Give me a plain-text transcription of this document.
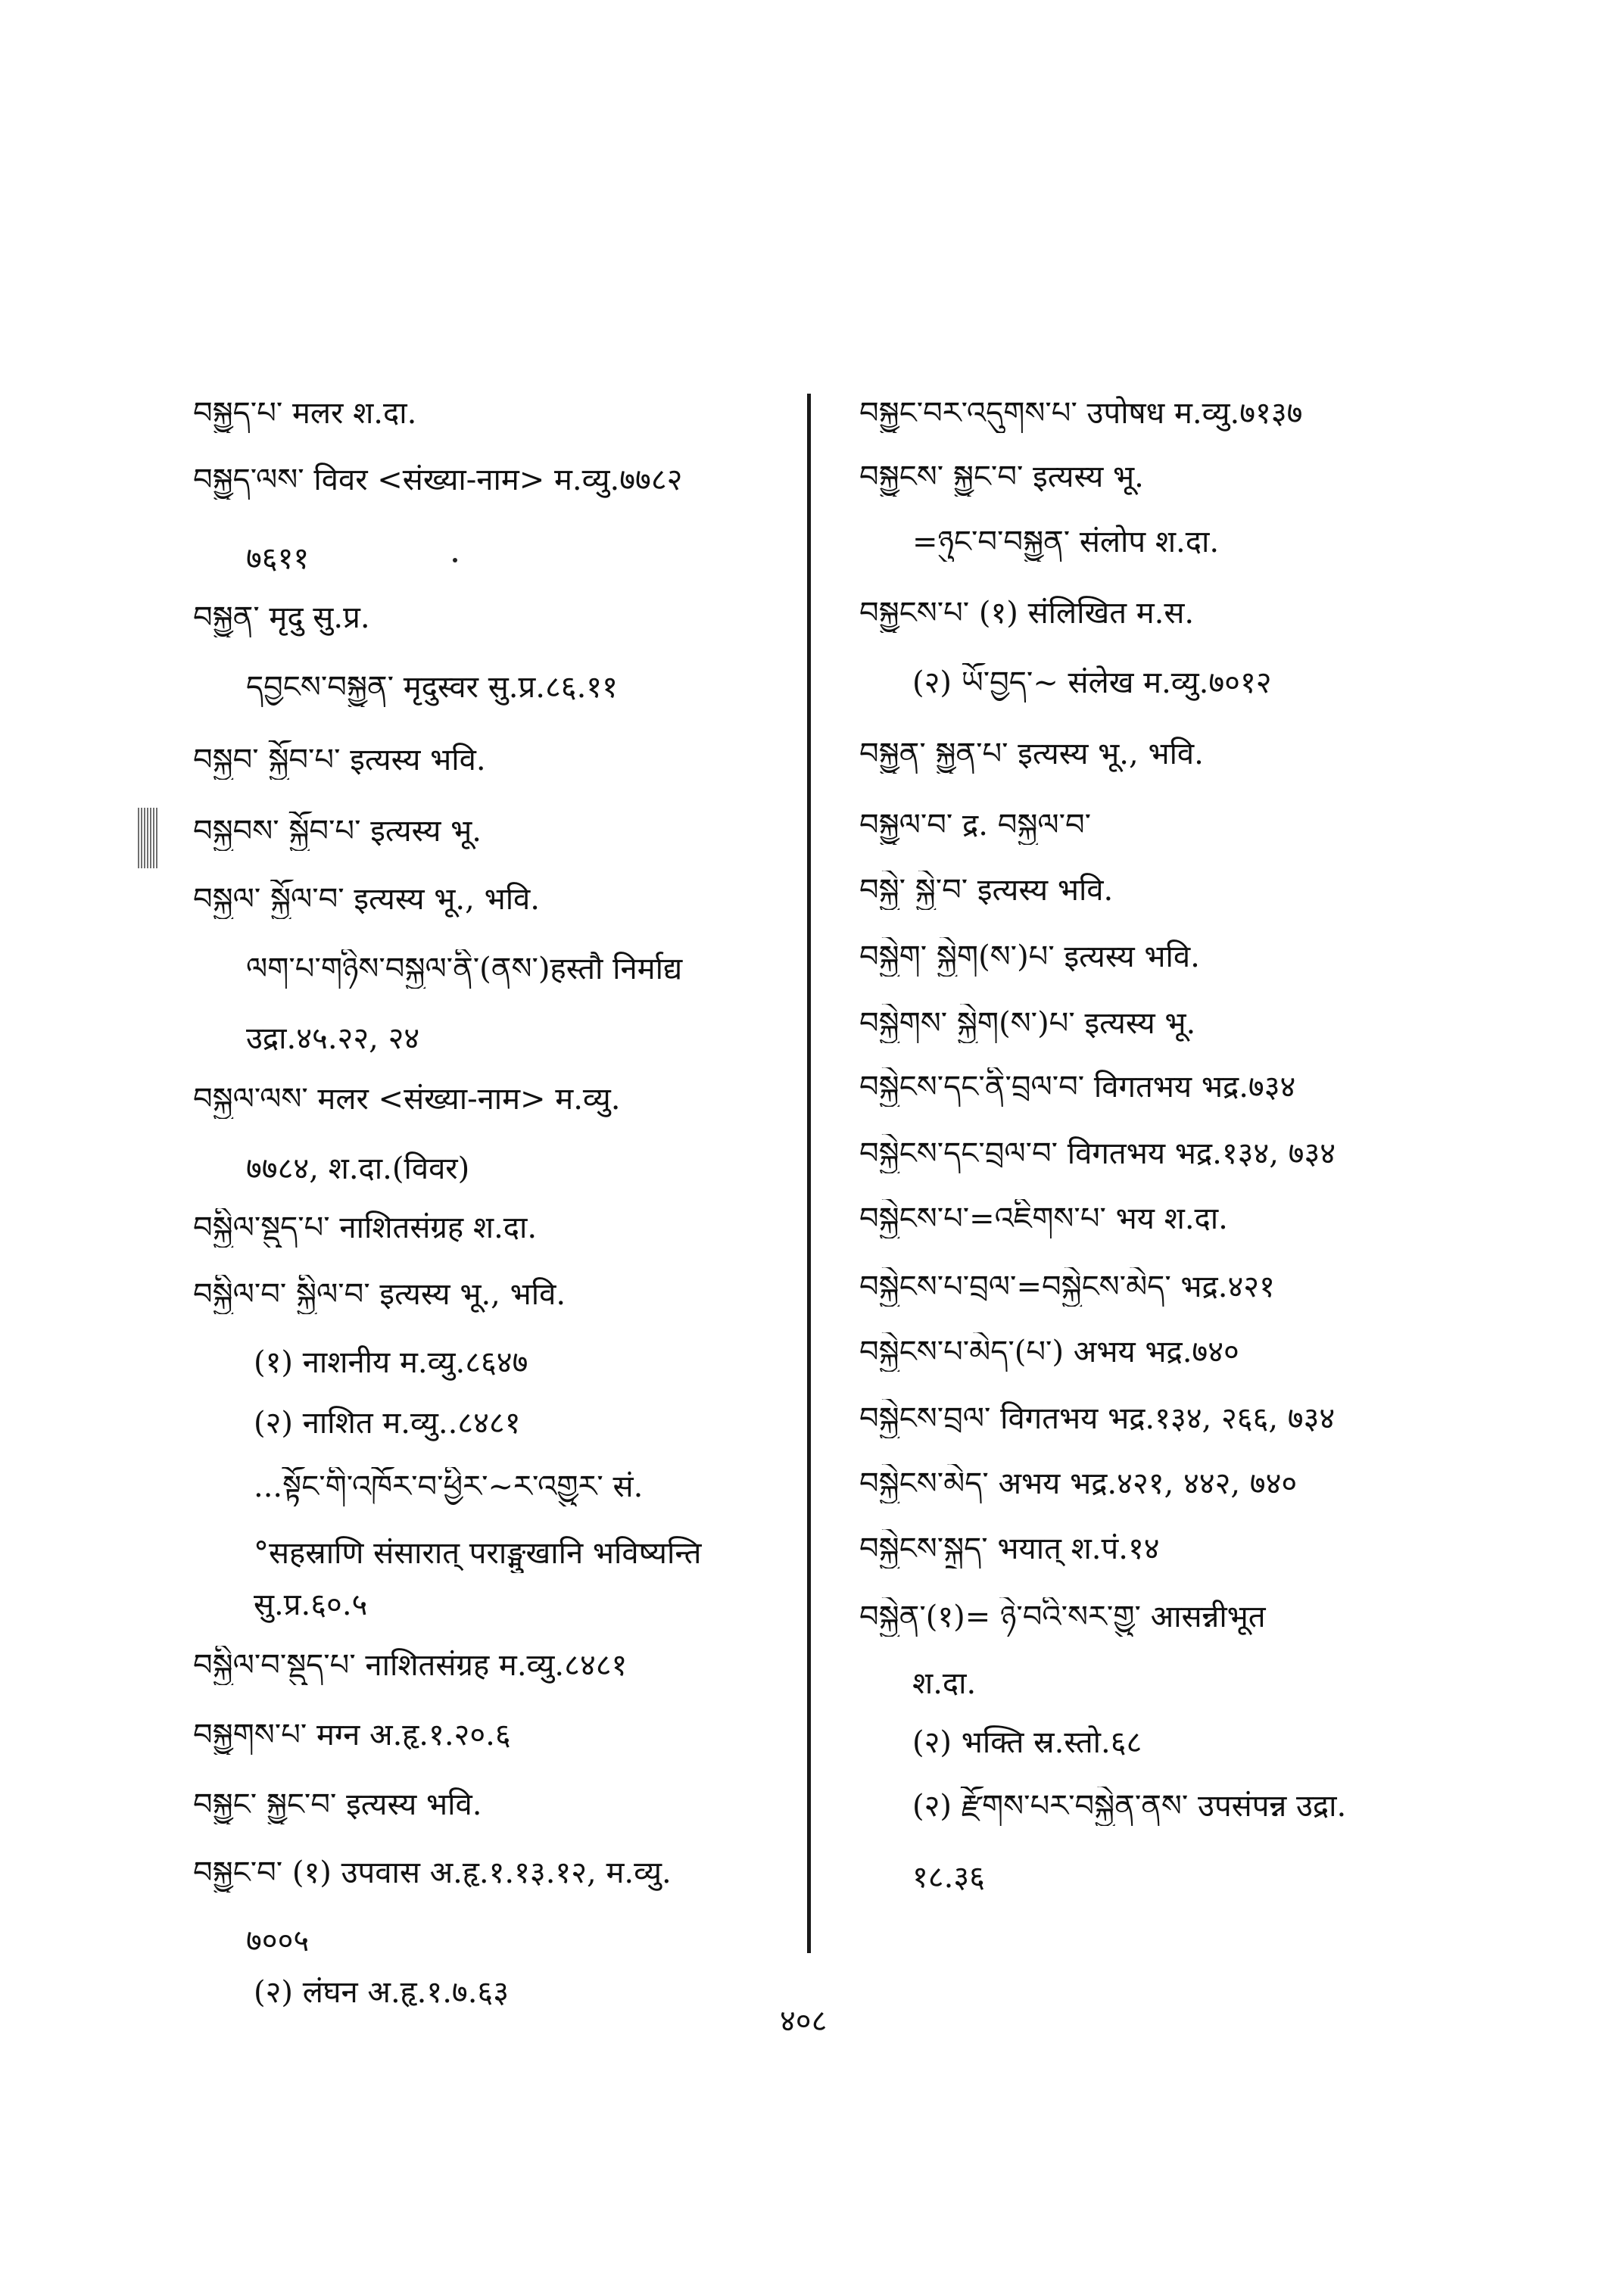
བསྐྱུད་པ་ मलर श.दा.
བསྐྱུད་ལས་ विवर <संख्या-नाम> म.व्यु.७७८२
७६११
བསྐྱུན་ मृदु सु.प्र.
དབྱངས་བསྐྱུན་ मृदुस्वर सु.प्र.८६.११
བསྐྱབ་ སྐྱོབ་པ་ इत्यस्य भवि.
བསྐྱབས་ སྐྱོབ་པ་ इत्यस्य भू.
བསྐྱལ་ སྐྱོལ་བ་ इत्यस्य भू., भवि.
ལག་པ་གཉིས་བསྐྱལ་ནི་(ནས་)हस्तौ निर्माद्य
उद्रा.४५.२२, २४
བསྐྱལ་ལས་ मलर <संख्या-नाम> म.व्यु.
७७८४, श.दा.(विवर)
བསྐྱིལ་སྡུད་པ་ नाशितसंग्रह श.दा.
བསྐྱིལ་བ་ སྐྱིལ་བ་ इत्यस्य भू., भवि.
(१) नाशनीय म.व्यु.८६४७
(२) नाशित म.व्यु..८४८१
...སྟོང་གི་འཁོར་བ་ཕྱིར་~ར་འགྱུར་ सं.
°सहस्राणि संसारात् पराङ्मुखानि भविष्यन्ति
सु.प्र.६०.५
བསྐྱིལ་བ་སྡུད་པ་ नाशितसंग्रह म.व्यु.८४८१
བསྐྱུགས་པ་ मग्न अ.हृ.१.२०.६
བསྐྱུང་ སྐྱུང་བ་ इत्यस्य भवि.
བསྐྱུང་བ་ (१) उपवास अ.हृ.१.१३.१२, म.व्यु.
७००५
(२) लंघन अ.हृ.१.७.६३
བསྐྱུང་བར་འདུགས་པ་ उपोषध म.व्यु.७१३७
བསྐྱུངས་ སྐྱུང་བ་ इत्यस्य भू.
=ཉུང་བ་བསྐྱུན་ संलोप श.दा.
བསྐྱུངས་པ་ (१) संलिखित म.स.
(२) ཡོ་བྱད་~ संलेख म.व्यु.७०१२
བསྐྱུན་ སྐྱུན་པ་ इत्यस्य भू., भवि.
བསྐྱུལ་བ་ द्र. བསྐྱལ་བ་
བསྐྱེ་ སྐྱེ་བ་ इत्यस्य भवि.
བསྐྱེག་ སྐྱེག(ས་)པ་ इत्यस्य भवि.
བསྐྱེགས་ སྐྱེག(ས་)པ་ इत्यस्य भू.
བསྐྱེངས་དང་ནི་བྲལ་བ་ विगतभय भद्र.७३४
བསྐྱེངས་དང་བྲལ་བ་ विगतभय भद्र.१३४, ७३४
བསྐྱེངས་པ་=འཇིགས་པ་ भय श.दा.
བསྐྱེངས་པ་བྲལ་=བསྐྱེངས་མེད་ भद्र.४२१
བསྐྱེངས་པ་མེད་(པ་) अभय भद्र.७४०
བསྐྱེངས་བྲལ་ विगतभय भद्र.१३४, २६६, ७३४
བསྐྱེངས་མེད་ अभय भद्र.४२१, ४४२, ७४०
བསྐྱེངས་སྐྲད་ भयात् श.पं.१४
བསྐྱེན་(१)= ཉེ་བའི་སར་གྱུ་ आसन्नीभूत
श.दा.
(२) भक्ति स्र.स्तो.६८
(२) རྫོགས་པར་བསྐྱེན་ནས་ उपसंपन्न उद्रा.
१८.३६
४०८
